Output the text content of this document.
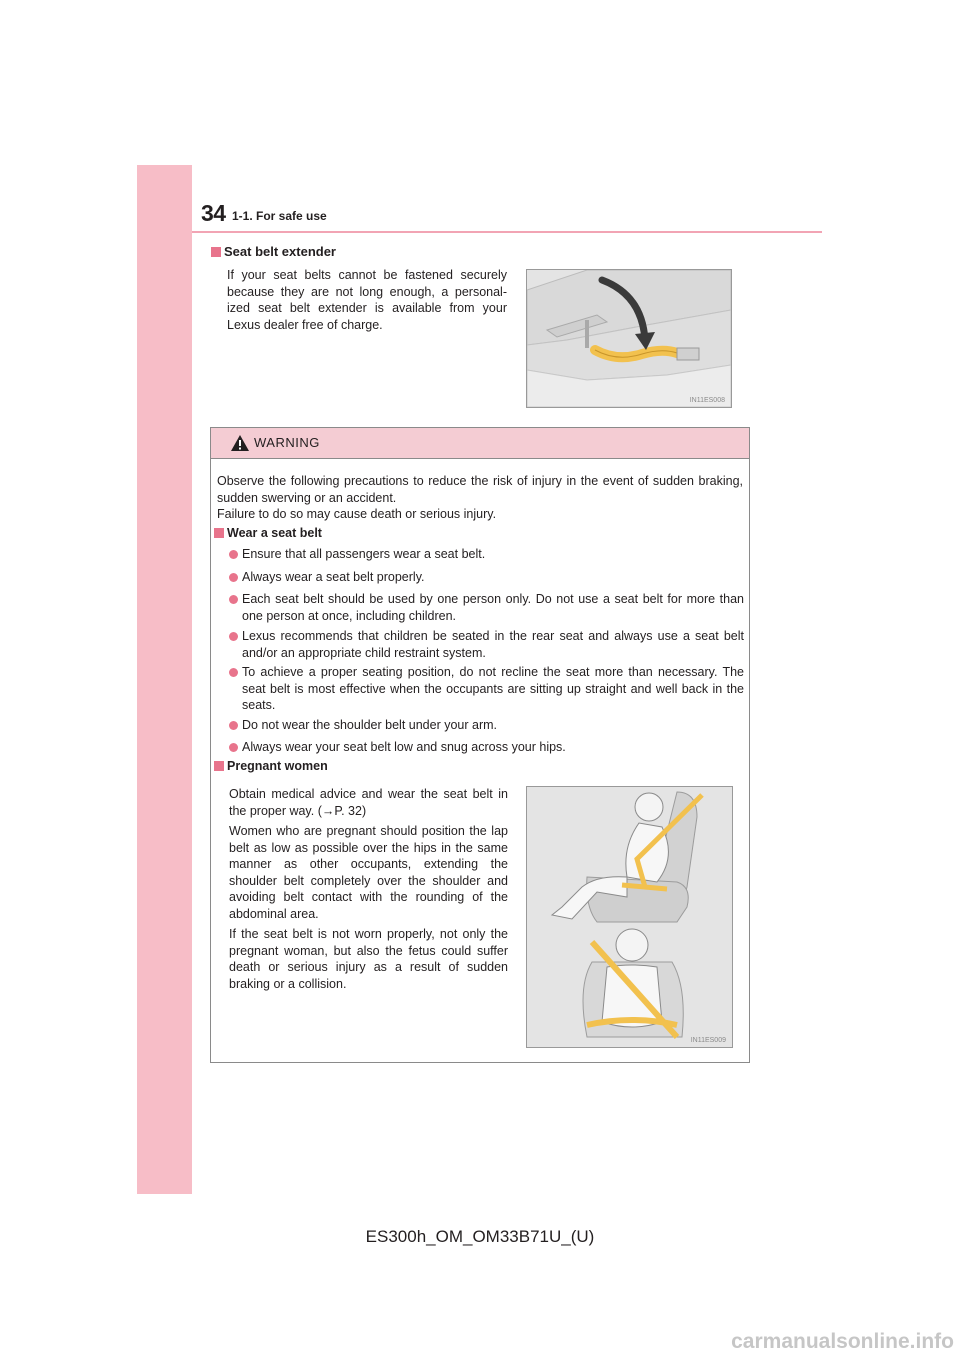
34 1-1. For safe use
Seat belt extender
If your seat belts cannot be fastened securely because they are not long enough, a personal-ized seat belt extender is available from your Lexus dealer free of charge.
IN11ES008
WARNING
Observe the following precautions to reduce the risk of injury in the event of sudden braking, sudden swerving or an accident.
Failure to do so may cause death or serious injury.
Wear a seat belt
Ensure that all passengers wear a seat belt.
Always wear a seat belt properly.
Each seat belt should be used by one person only. Do not use a seat belt for more than one person at once, including children.
Lexus recommends that children be seated in the rear seat and always use a seat belt and/or an appropriate child restraint system.
To achieve a proper seating position, do not recline the seat more than necessary. The seat belt is most effective when the occupants are sitting up straight and well back in the seats.
Do not wear the shoulder belt under your arm.
Always wear your seat belt low and snug across your hips.
Pregnant women
Obtain medical advice and wear the seat belt in the proper way. (→P. 32)
Women who are pregnant should position the lap belt as low as possible over the hips in the same manner as other occupants, extending the shoulder belt completely over the shoulder and avoiding belt contact with the rounding of the abdominal area.
If the seat belt is not worn properly, not only the pregnant woman, but also the fetus could suffer death or serious injury as a result of sudden braking or a collision.
IN11ES009
ES300h_OM_OM33B71U_(U)
carmanualsonline.info
